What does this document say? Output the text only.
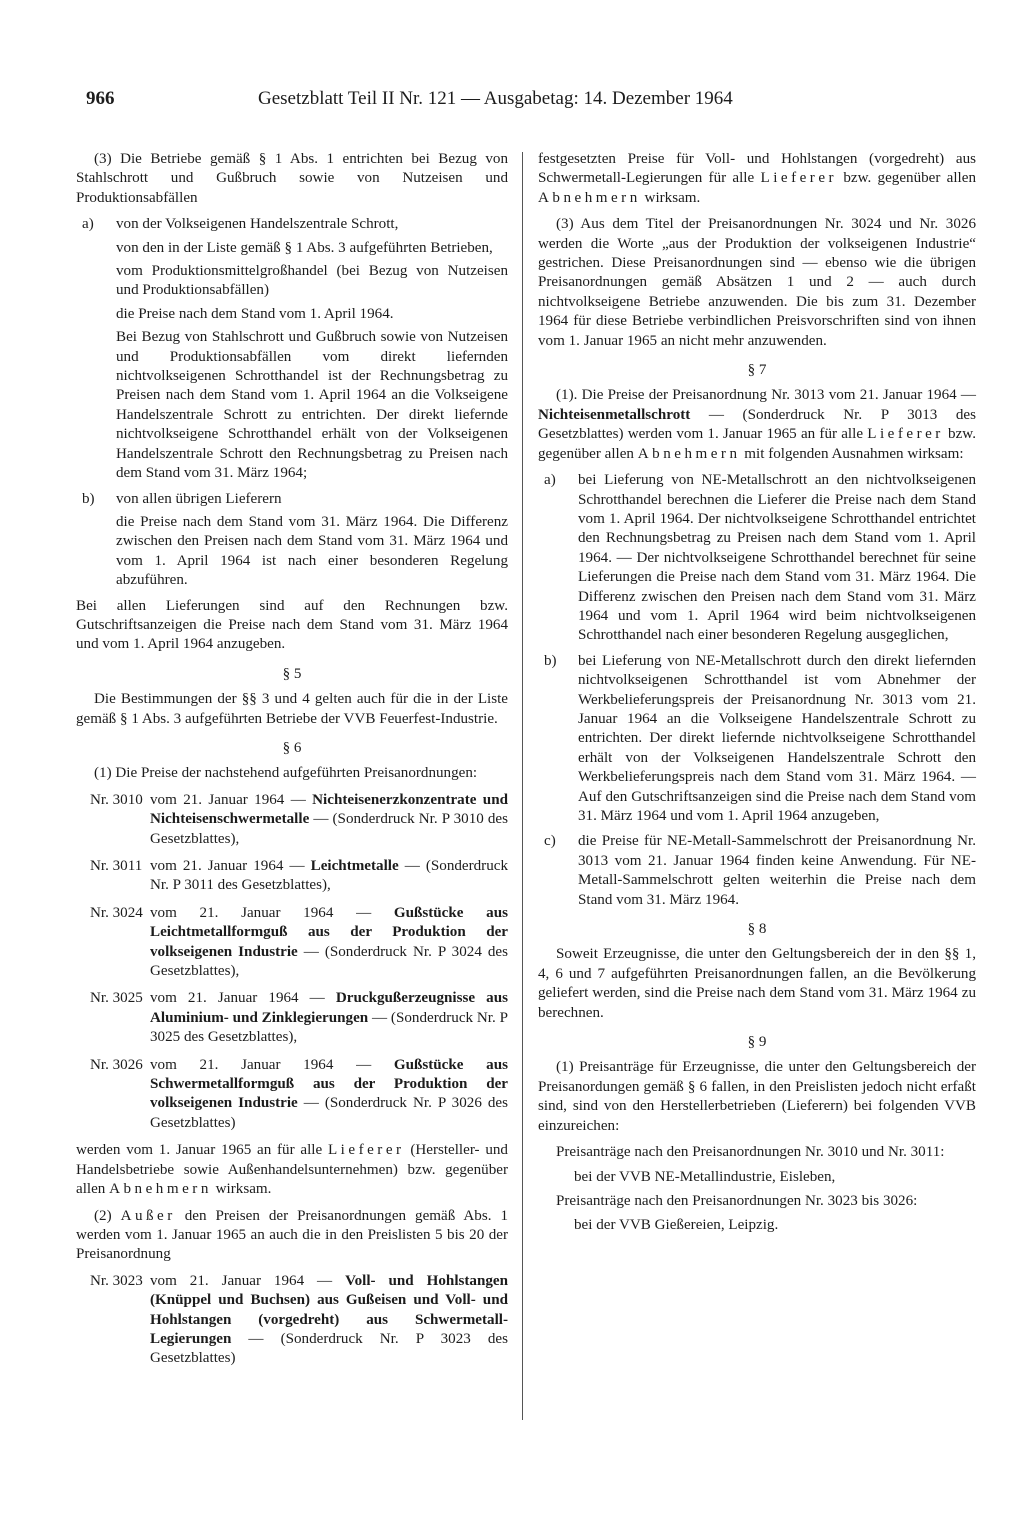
966	Gesetzblatt Teil II Nr. 121 — Ausgabetag: 14. Dezember 1964

(3) Die Betriebe gemäß § 1 Abs. 1 entrichten bei Bezug von Stahlschrott und Gußbruch sowie von Nutzeisen und Produktionsabfällen

a) von der Volkseigenen Handelszentrale Schrott,
von den in der Liste gemäß § 1 Abs. 3 aufgeführten Betrieben,
vom Produktionsmittelgroßhandel (bei Bezug von Nutzeisen und Produktionsabfällen)
die Preise nach dem Stand vom 1. April 1964.
Bei Bezug von Stahlschrott und Gußbruch sowie von Nutzeisen und Produktionsabfällen vom direkt liefernden nichtvolkseigenen Schrotthandel ist der Rechnungsbetrag zu Preisen nach dem Stand vom 1. April 1964 an die Volkseigene Handelszentrale Schrott zu entrichten. Der direkt liefernde nichtvolkseigene Schrotthandel erhält von der Volkseigenen Handelszentrale Schrott den Rechnungsbetrag zu Preisen nach dem Stand vom 31. März 1964;
b) von allen übrigen Lieferern
die Preise nach dem Stand vom 31. März 1964. Die Differenz zwischen den Preisen nach dem Stand vom 31. März 1964 und vom 1. April 1964 ist nach einer besonderen Regelung abzuführen.

Bei allen Lieferungen sind auf den Rechnungen bzw. Gutschriftsanzeigen die Preise nach dem Stand vom 31. März 1964 und vom 1. April 1964 anzugeben.

§ 5

Die Bestimmungen der §§ 3 und 4 gelten auch für die in der Liste gemäß § 1 Abs. 3 aufgeführten Betriebe der VVB Feuerfest-Industrie.

§ 6

(1) Die Preise der nachstehend aufgeführten Preisanordnungen:

Nr. 3010 vom 21. Januar 1964 — Nichteisenerzkonzentrate und Nichteisenschwermetalle — (Sonderdruck Nr. P 3010 des Gesetzblattes),
Nr. 3011 vom 21. Januar 1964 — Leichtmetalle — (Sonderdruck Nr. P 3011 des Gesetzblattes),
Nr. 3024 vom 21. Januar 1964 — Gußstücke aus Leichtmetallformguß aus der Produktion der volkseigenen Industrie — (Sonderdruck Nr. P 3024 des Gesetzblattes),
Nr. 3025 vom 21. Januar 1964 — Druckgußerzeugnisse aus Aluminium- und Zinklegierungen — (Sonderdruck Nr. P 3025 des Gesetzblattes),
Nr. 3026 vom 21. Januar 1964 — Gußstücke aus Schwermetallformguß aus der Produktion der volkseigenen Industrie — (Sonderdruck Nr. P 3026 des Gesetzblattes)

werden vom 1. Januar 1965 an für alle Lieferer (Hersteller- und Handelsbetriebe sowie Außenhandelsunternehmen) bzw. gegenüber allen Abnehmern wirksam.

(2) Außer den Preisen der Preisanordnungen gemäß Abs. 1 werden vom 1. Januar 1965 an auch die in den Preislisten 5 bis 20 der Preisanordnung

Nr. 3023 vom 21. Januar 1964 — Voll- und Hohlstangen (Knüppel und Buchsen) aus Gußeisen und Voll- und Hohlstangen (vorgedreht) aus Schwermetall-Legierungen — (Sonderdruck Nr. P 3023 des Gesetzblattes)

festgesetzten Preise für Voll- und Hohlstangen (vorgedreht) aus Schwermetall-Legierungen für alle Lieferer bzw. gegenüber allen Abnehmern wirksam.

(3) Aus dem Titel der Preisanordnungen Nr. 3024 und Nr. 3026 werden die Worte „aus der Produktion der volkseigenen Industrie“ gestrichen. Diese Preisanordnungen sind — ebenso wie die übrigen Preisanordnungen gemäß Absätzen 1 und 2 — auch durch nichtvolkseigene Betriebe anzuwenden. Die bis zum 31. Dezember 1964 für diese Betriebe verbindlichen Preisvorschriften sind von ihnen vom 1. Januar 1965 an nicht mehr anzuwenden.

§ 7

(1). Die Preise der Preisanordnung Nr. 3013 vom 21. Januar 1964 — Nichteisenmetallschrott — (Sonderdruck Nr. P 3013 des Gesetzblattes) werden vom 1. Januar 1965 an für alle Lieferer bzw. gegenüber allen Abnehmern mit folgenden Ausnahmen wirksam:

a) bei Lieferung von NE-Metallschrott an den nichtvolkseigenen Schrotthandel berechnen die Lieferer die Preise nach dem Stand vom 1. April 1964. Der nichtvolkseigene Schrotthandel entrichtet den Rechnungsbetrag zu Preisen nach dem Stand vom 1. April 1964. — Der nichtvolkseigene Schrotthandel berechnet für seine Lieferungen die Preise nach dem Stand vom 31. März 1964. Die Differenz zwischen den Preisen nach dem Stand vom 31. März 1964 und vom 1. April 1964 wird beim nichtvolkseigenen Schrotthandel nach einer besonderen Regelung ausgeglichen,
b) bei Lieferung von NE-Metallschrott durch den direkt liefernden nichtvolkseigenen Schrotthandel ist vom Abnehmer der Werkbelieferungspreis der Preisanordnung Nr. 3013 vom 21. Januar 1964 an die Volkseigene Handelszentrale Schrott zu entrichten. Der direkt liefernde nichtvolkseigene Schrotthandel erhält von der Volkseigenen Handelszentrale Schrott den Werkbelieferungspreis nach dem Stand vom 31. März 1964. — Auf den Gutschriftsanzeigen sind die Preise nach dem Stand vom 31. März 1964 und vom 1. April 1964 anzugeben,
c) die Preise für NE-Metall-Sammelschrott der Preisanordnung Nr. 3013 vom 21. Januar 1964 finden keine Anwendung. Für NE-Metall-Sammelschrott gelten weiterhin die Preise nach dem Stand vom 31. März 1964.
§ 8

Soweit Erzeugnisse, die unter den Geltungsbereich der in den §§ 1, 4, 6 und 7 aufgeführten Preisanordnungen fallen, an die Bevölkerung geliefert werden, sind die Preise nach dem Stand vom 31. März 1964 zu berechnen.

§ 9

(1) Preisanträge für Erzeugnisse, die unter den Geltungsbereich der Preisanordungen gemäß § 6 fallen, in den Preislisten jedoch nicht erfaßt sind, sind von den Herstellerbetrieben (Lieferern) bei folgenden VVB einzureichen:

Preisanträge nach den Preisanordnungen Nr. 3010 und Nr. 3011:

bei der VVB NE-Metallindustrie, Eisleben,

Preisanträge nach den Preisanordnungen Nr. 3023 bis 3026:

bei der VVB Gießereien, Leipzig.
